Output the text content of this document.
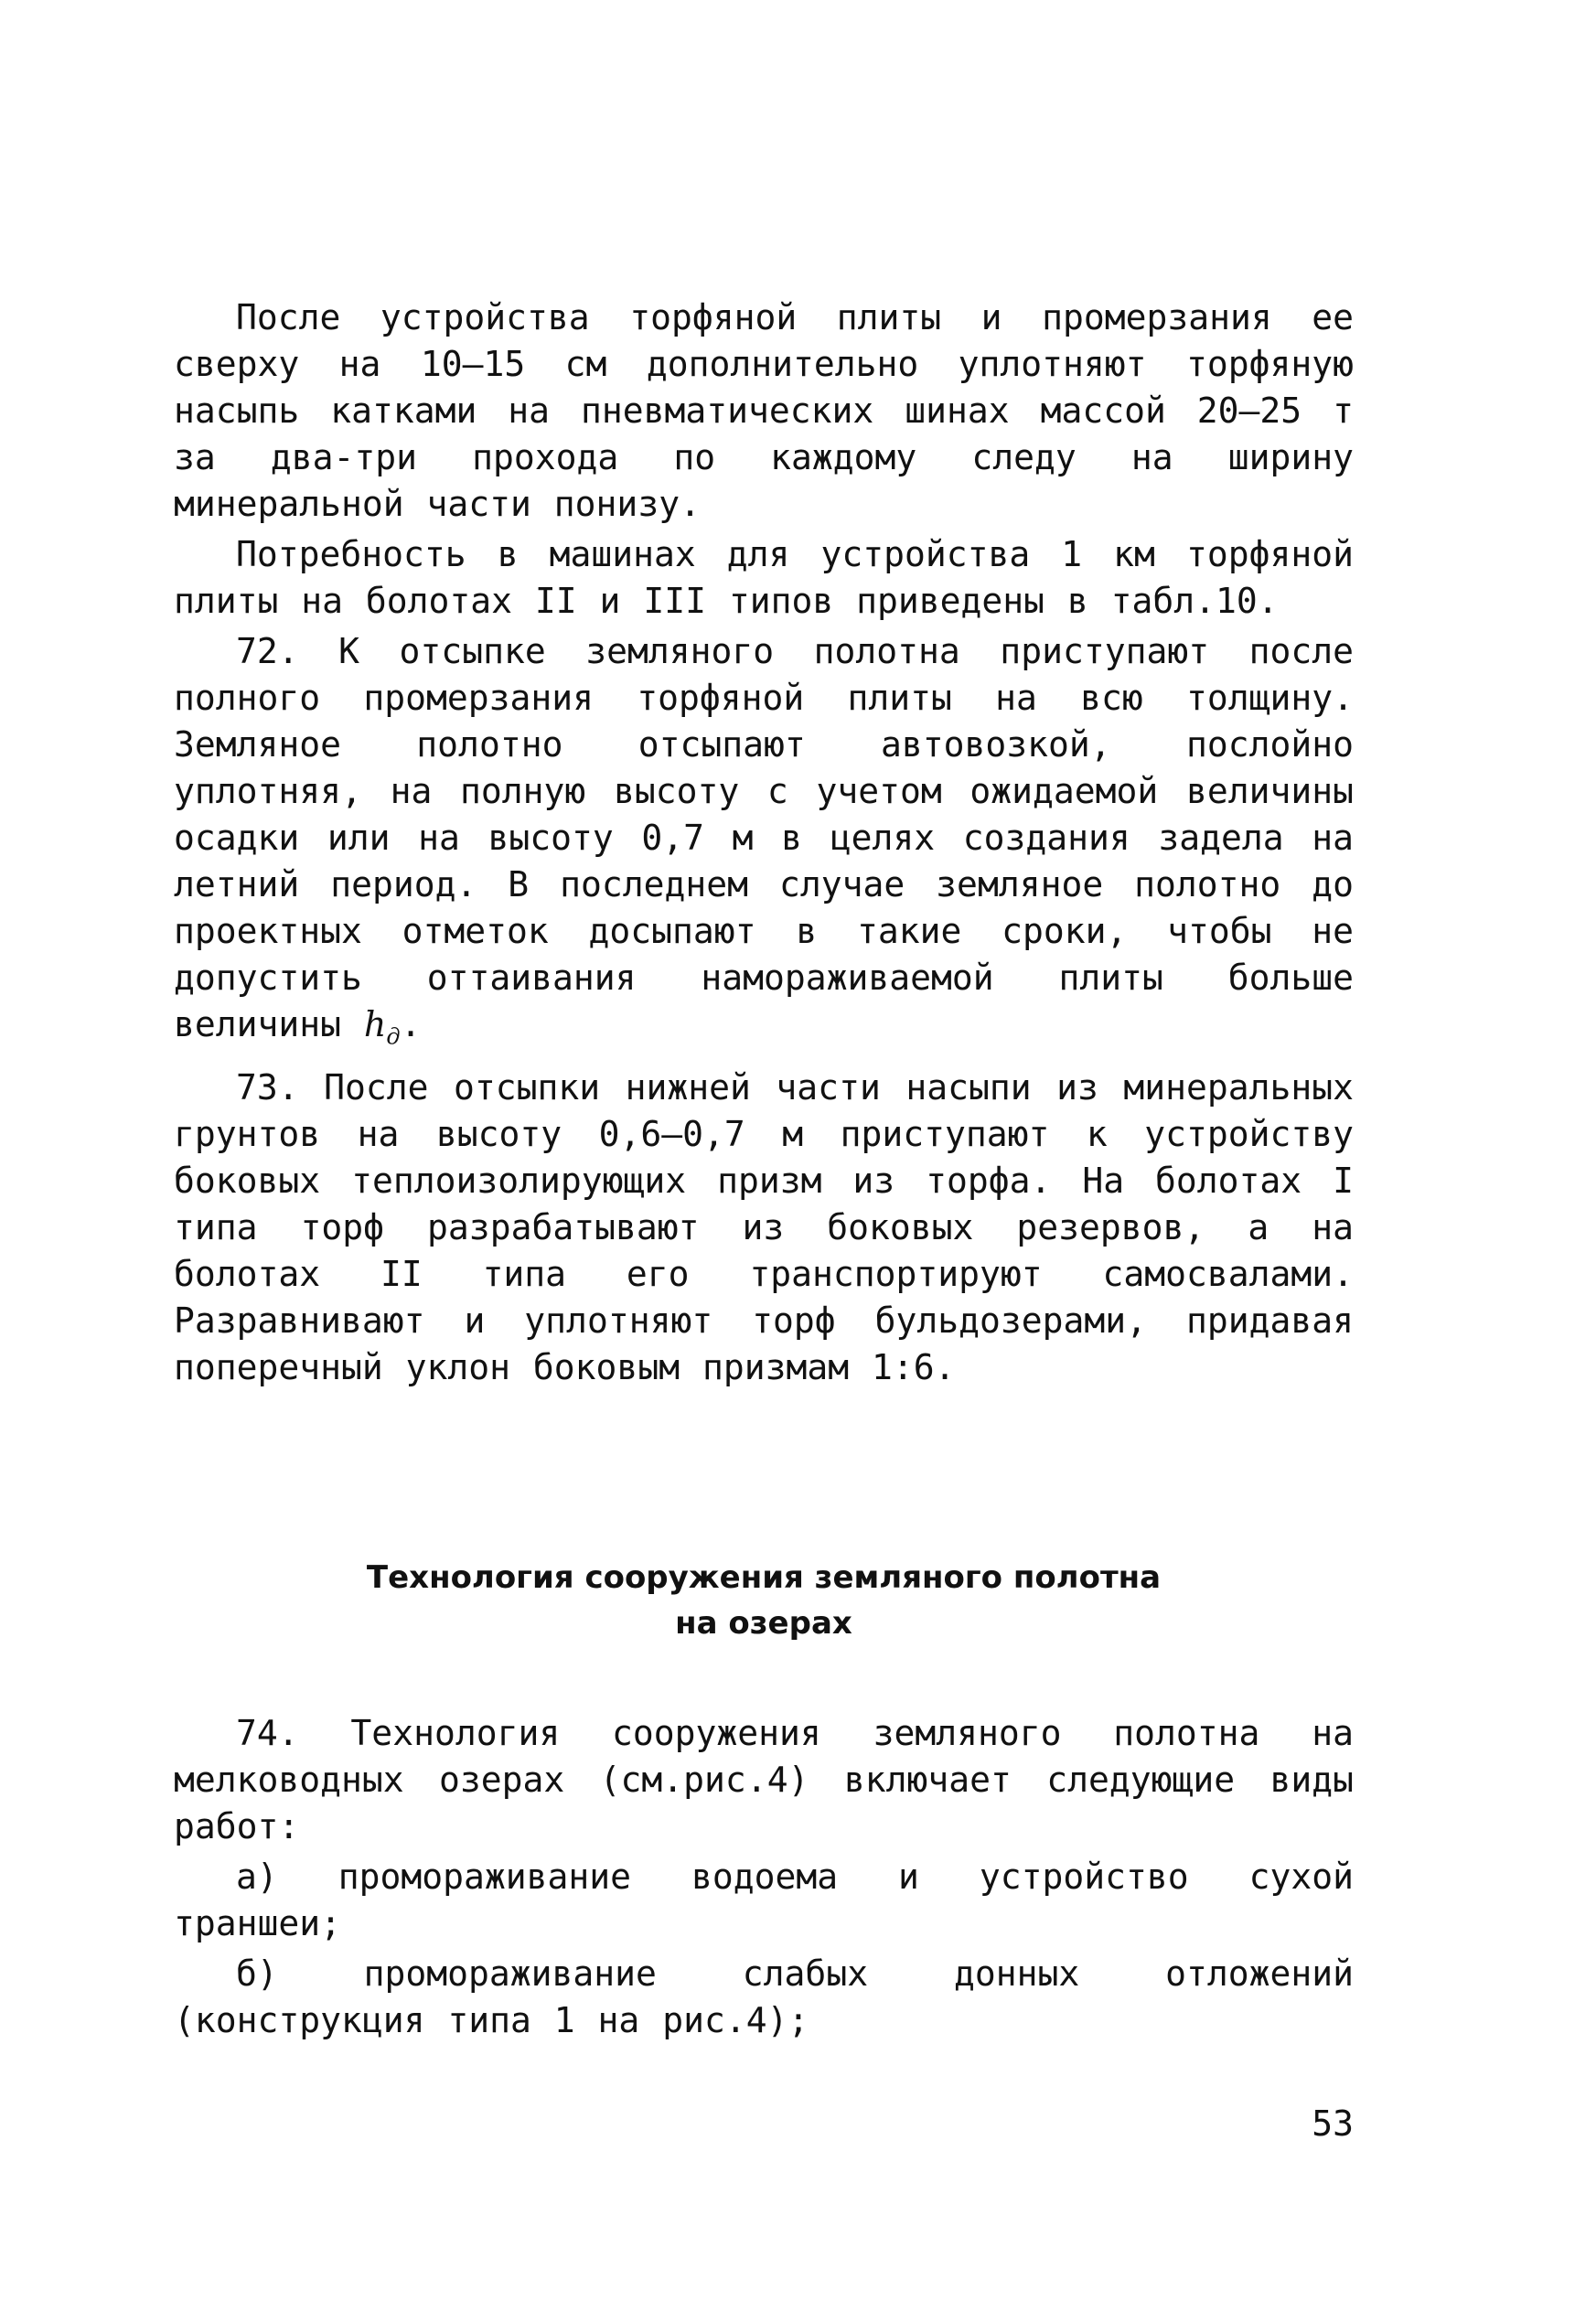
После устройства торфяной плиты и промерзания ее сверху на 10–15 см дополнительно уплотняют торфяную насыпь катками на пневматических шинах массой 20–25 т за два-три прохода по каждому следу на ширину минеральной части понизу.

Потребность в машинах для устройства 1 км торфяной плиты на болотах II и III типов приведены в табл.10.

72. К отсыпке земляного полотна приступают после полного промерзания торфяной плиты на всю толщину. Земляное полотно отсыпают автовозкой, послойно уплотняя, на полную высоту с учетом ожидаемой величины осадки или на высоту 0,7 м в целях создания задела на летний период. В последнем случае земляное полотно до проектных отметок досыпают в такие сроки, чтобы не допустить оттаивания намораживаемой плиты больше величины $h_д$.

73. После отсыпки нижней части насыпи из минеральных грунтов на высоту 0,6–0,7 м приступают к устройству боковых теплоизолирующих призм из торфа. На болотах I типа торф разрабатывают из боковых резервов, а на болотах II типа его транспортируют самосвалами. Разравнивают и уплотняют торф бульдозерами, придавая поперечный уклон боковым призмам 1:6.

Технология сооружения земляного полотна
на озерах

74. Технология сооружения земляного полотна на мелководных озерах (см.рис.4) включает следующие виды работ:

а) промораживание водоема и устройство сухой траншеи;

б) промораживание слабых донных отложений (конструкция типа 1 на рис.4);

53
